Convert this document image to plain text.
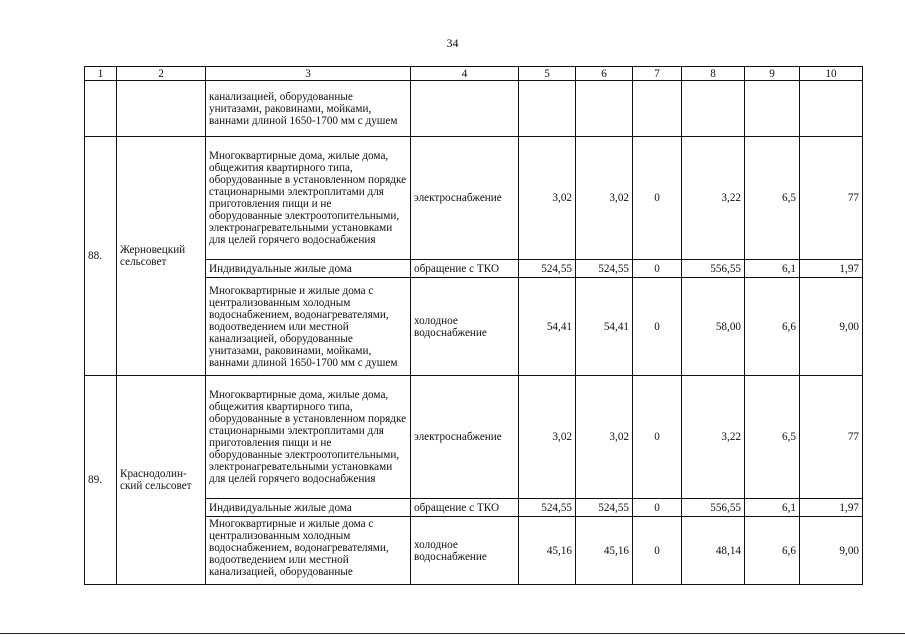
34
1	2	3	4	5	6	7	8	9	10
		канализацией, оборудованные унитазами, раковинами, мойками, ваннами длиной 1650-1700 мм с душем							
88.	Жерновецкий сельсовет	Многоквартирные дома, жилые дома, общежития квартирного типа, оборудованные в установленном порядке стационарными электроплитами для приготовления пищи и не оборудованные электроотопительными, электронагревательными установками для целей горячего водоснабжения	электроснабжение	3,02	3,02	0	3,22	6,5	77
		Индивидуальные жилые дома	обращение с ТКО	524,55	524,55	0	556,55	6,1	1,97
		Многоквартирные и жилые дома с централизованным холодным водоснабжением, водонагревателями, водоотведением или местной канализацией, оборудованные унитазами, раковинами, мойками, ваннами длиной 1650-1700 мм с душем	холодное водоснабжение	54,41	54,41	0	58,00	6,6	9,00
89.	Краснодолин-ский сельсовет	Многоквартирные дома, жилые дома, общежития квартирного типа, оборудованные в установленном порядке стационарными электроплитами для приготовления пищи и не оборудованные электроотопительными, электронагревательными установками для целей горячего водоснабжения	электроснабжение	3,02	3,02	0	3,22	6,5	77
		Индивидуальные жилые дома	обращение с ТКО	524,55	524,55	0	556,55	6,1	1,97

		Многоквартирные и жилые дома с централизованным холодным водоснабжением, водонагревателями, водоотведением или местной канализацией, оборудованные	холодное водоснабжение	45,16	45,16	0	48,14	6,6	9,00
